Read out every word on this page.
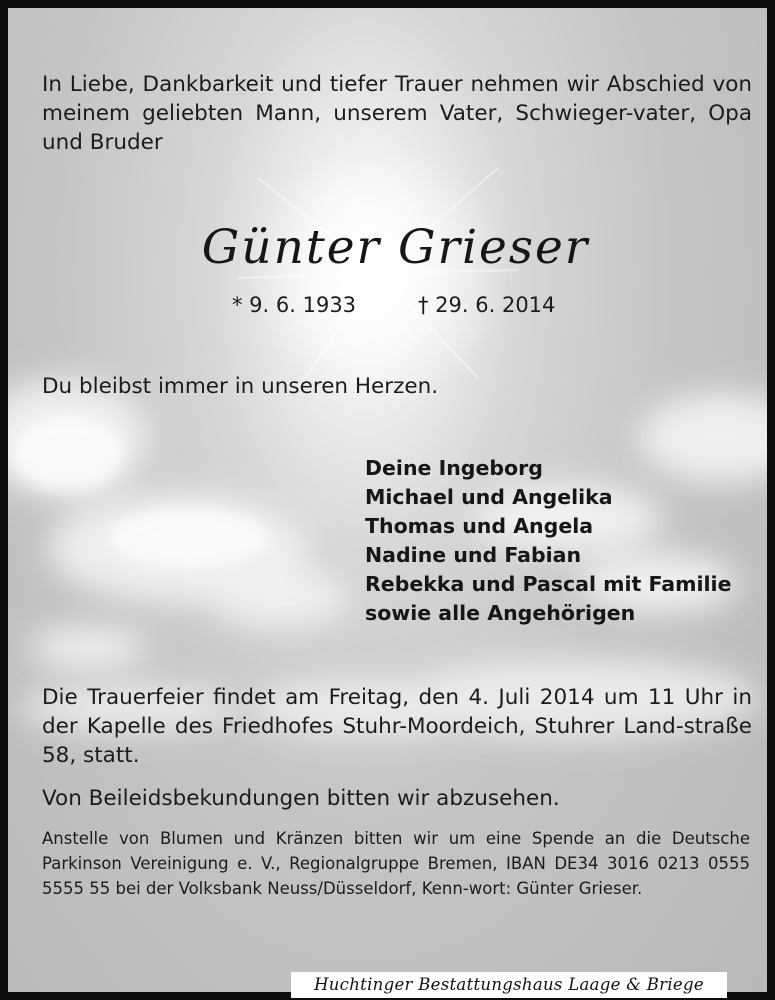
In Liebe, Dankbarkeit und tiefer Trauer nehmen wir Abschied von meinem geliebten Mann, unserem Vater, Schwieger-vater, Opa und Bruder
Günter Grieser
* 9. 6. 1933	† 29. 6. 2014
Du bleibst immer in unseren Herzen.
Deine Ingeborg
Michael und Angelika
Thomas und Angela
Nadine und Fabian
Rebekka und Pascal mit Familie
sowie alle Angehörigen
Die Trauerfeier findet am Freitag, den 4. Juli 2014 um 11 Uhr in der Kapelle des Friedhofes Stuhr-Moordeich, Stuhrer Land-straße 58, statt.
Von Beileidsbekundungen bitten wir abzusehen.
Anstelle von Blumen und Kränzen bitten wir um eine Spende an die Deutsche Parkinson Vereinigung e. V., Regionalgruppe Bremen, IBAN DE34 3016 0213 0555 5555 55 bei der Volksbank Neuss/Düsseldorf, Kenn-wort: Günter Grieser.
Huchtinger Bestattungshaus Laage & Briege
